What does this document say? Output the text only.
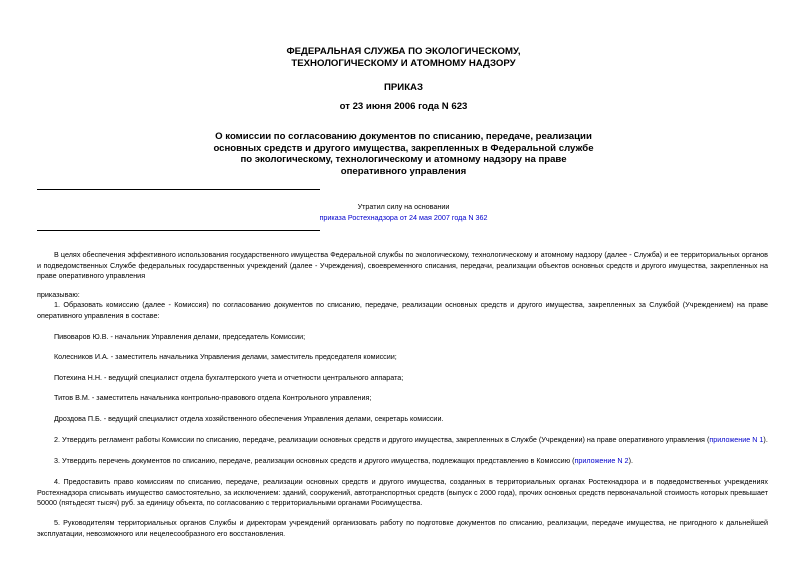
ФЕДЕРАЛЬНАЯ СЛУЖБА ПО ЭКОЛОГИЧЕСКОМУ,
ТЕХНОЛОГИЧЕСКОМУ И АТОМНОМУ НАДЗОРУ
ПРИКАЗ
от 23 июня 2006 года N 623
О комиссии по согласованию документов по списанию, передаче, реализации
основных средств и другого имущества, закрепленных в Федеральной службе
по экологическому, технологическому и атомному надзору на праве
оперативного управления
Утратил силу на основании
приказа Ростехнадзора от 24 мая 2007 года N 362
В целях обеспечения эффективного использования государственного имущества Федеральной службы по экологическому, технологическому и атомному надзору (далее - Служба) и ее территориальных органов и подведомственных Службе федеральных государственных учреждений (далее - Учреждения), своевременного списания, передачи, реализации объектов основных средств и другого имущества, закрепленных на праве оперативного управления
приказываю:
1. Образовать комиссию (далее - Комиссия) по согласованию документов по списанию, передаче, реализации основных средств и другого имущества, закрепленных за Службой (Учреждением) на праве оперативного управления в составе:
Пивоваров Ю.В. - начальник Управления делами, председатель Комиссии;
Колесников И.А. - заместитель начальника Управления делами, заместитель председателя комиссии;
Потехина Н.Н. - ведущий специалист отдела бухгалтерского учета и отчетности центрального аппарата;
Титов В.М. - заместитель начальника контрольно-правового отдела Контрольного управления;
Дроздова П.Б. - ведущий специалист отдела хозяйственного обеспечения Управления делами, секретарь комиссии.
2. Утвердить регламент работы Комиссии по списанию, передаче, реализации основных средств и другого имущества, закрепленных в Службе (Учреждении) на праве оперативного управления (приложение N 1).
3. Утвердить перечень документов по списанию, передаче, реализации основных средств и другого имущества, подлежащих представлению в Комиссию (приложение N 2).
4. Предоставить право комиссиям по списанию, передаче, реализации основных средств и другого имущества, созданных в территориальных органах Ростехнадзора и в подведомственных учреждениях Ростехнадзора списывать имущество самостоятельно, за исключением: зданий, сооружений, автотранспортных средств (выпуск с 2000 года), прочих основных средств первоначальной стоимость которых превышает 50000 (пятьдесят тысяч) руб. за единицу объекта, по согласованию с территориальными органами Росимущества.
5. Руководителям территориальных органов Службы и директорам учреждений организовать работу по подготовке документов по списанию, реализации, передаче имущества, не пригодного к дальнейшей эксплуатации, невозможного или нецелесообразного его восстановления.
